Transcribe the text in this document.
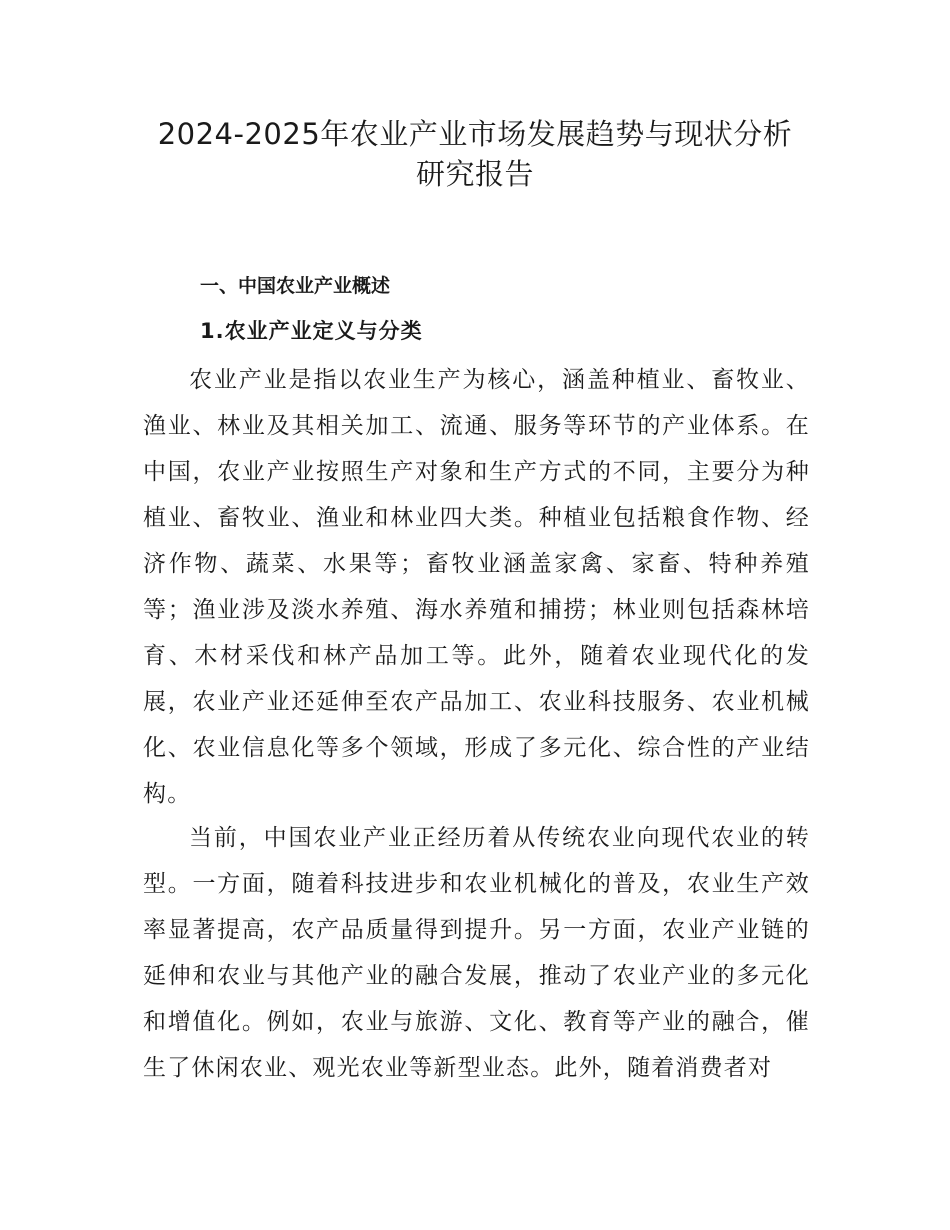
2024-2025年农业产业市场发展趋势与现状分析
研究报告
一、中国农业产业概述
1.农业产业定义与分类

农业产业是指以农业生产为核心，涵盖种植业、畜牧业、渔业、林业及其相关加工、流通、服务等环节的产业体系。在中国，农业产业按照生产对象和生产方式的不同，主要分为种植业、畜牧业、渔业和林业四大类。种植业包括粮食作物、经济作物、蔬菜、水果等；畜牧业涵盖家禽、家畜、特种养殖等；渔业涉及淡水养殖、海水养殖和捕捞；林业则包括森林培育、木材采伐和林产品加工等。此外，随着农业现代化的发展，农业产业还延伸至农产品加工、农业科技服务、农业机械化、农业信息化等多个领域，形成了多元化、综合性的产业结构。

当前，中国农业产业正经历着从传统农业向现代农业的转型。一方面，随着科技进步和农业机械化的普及，农业生产效率显著提高，农产品质量得到提升。另一方面，农业产业链的延伸和农业与其他产业的融合发展，推动了农业产业的多元化和增值化。例如，农业与旅游、文化、教育等产业的融合，催生了休闲农业、观光农业等新型业态。此外，随着消费者对
